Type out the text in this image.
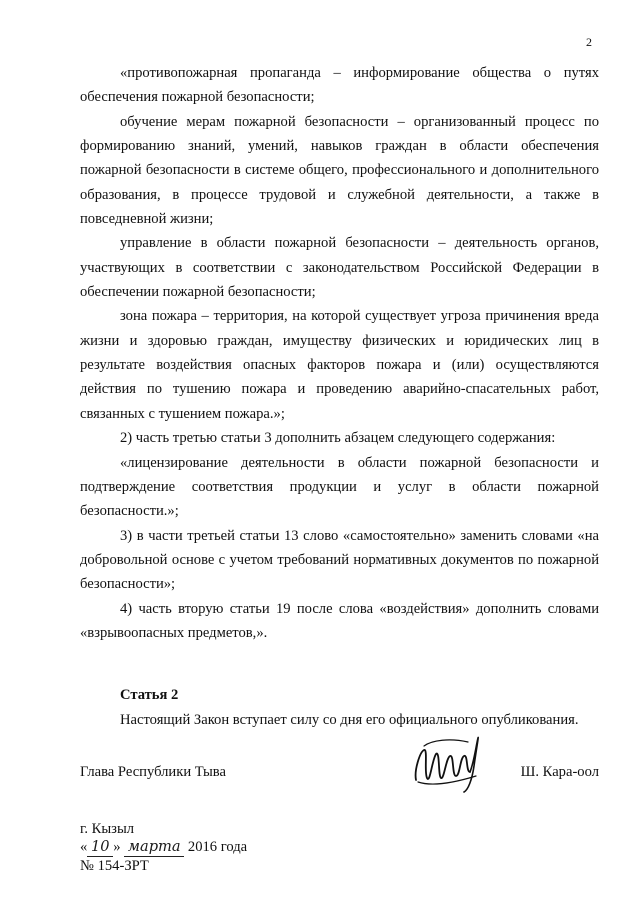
2

«противопожарная пропаганда – информирование общества о путях обеспечения пожарной безопасности;

обучение мерам пожарной безопасности – организованный процесс по формированию знаний, умений, навыков граждан в области обеспечения пожарной безопасности в системе общего, профессионального и дополнительного образования, в процессе трудовой и служебной деятельности, а также в повседневной жизни;

управление в области пожарной безопасности – деятельность органов, участвующих в соответствии с законодательством Российской Федерации в обеспечении пожарной безопасности;

зона пожара – территория, на которой существует угроза причинения вреда жизни и здоровью граждан, имуществу физических и юридических лиц в результате воздействия опасных факторов пожара и (или) осуществляются действия по тушению пожара и проведению аварийно-спасательных работ, связанных с тушением пожара.»;

2) часть третью статьи 3 дополнить абзацем следующего содержания:

«лицензирование деятельности в области пожарной безопасности и подтверждение соответствия продукции и услуг в области пожарной безопасности.»;

3) в части третьей статьи 13 слово «самостоятельно» заменить словами «на добровольной основе с учетом требований нормативных документов по пожарной безопасности»;

4) часть вторую статьи 19 после слова «воздействия» дополнить словами «взрывоопасных предметов,».

Статья 2

Настоящий Закон вступает силу со дня его официального опубликования.

Глава Республики Тыва	Ш. Кара-оол
г. Кызыл
« 10 » марта 2016 года
№ 154-ЗРТ
